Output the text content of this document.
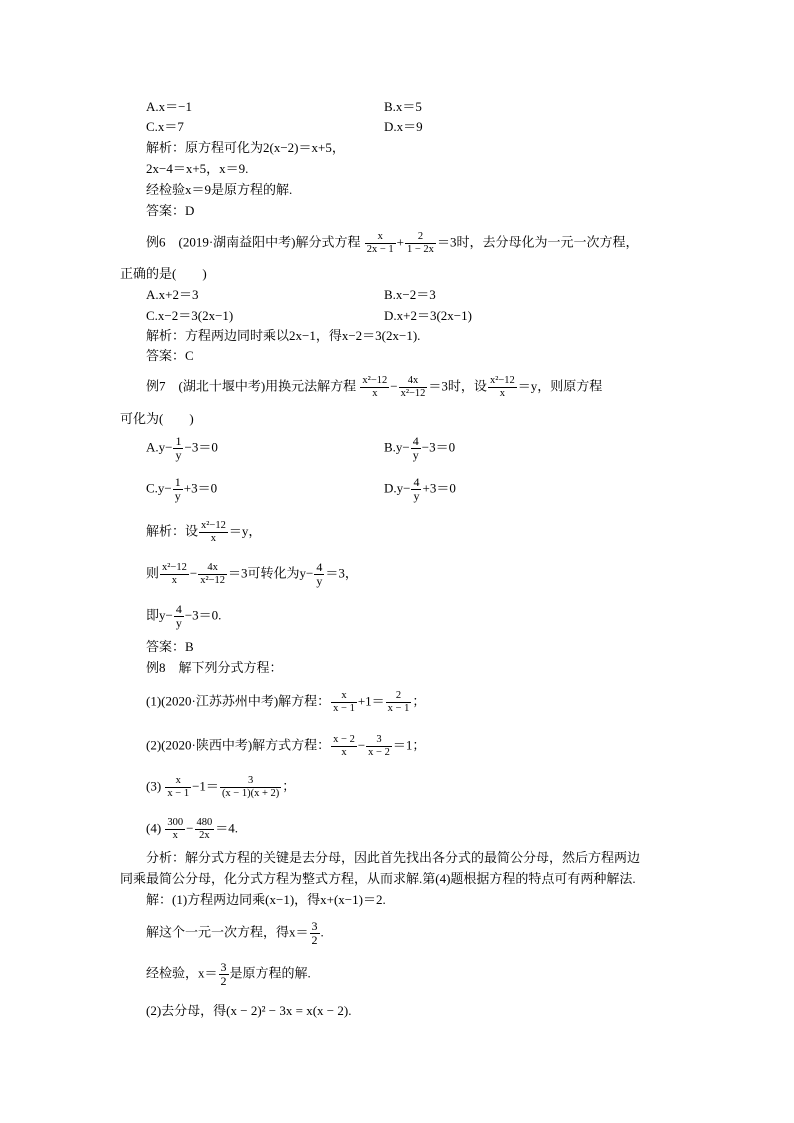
A.x＝−1	B.x＝5
C.x＝7	D.x＝9
解析：原方程可化为2(x−2)＝x+5，
2x−4＝x+5，x＝9.
经检验x＝9是原方程的解.
答案：D
例6　(2019·湖南益阳中考)解分式方程 $\frac{x}{2x - 1} + \frac{2}{1 - 2x} =3$时，去分母化为一元一次方程，
正确的是(　　)
A.x+2＝3	B.x−2＝3
C.x−2＝3(2x−1)	D.x+2＝3(2x−1)
解析：方程两边同时乘以2x−1，得x−2＝3(2x−1).
答案：C
例7　(湖北十堰中考)用换元法解方程 $\frac{\text{x²−12}}{x} - \frac{4x}{\text{x²−12}} =3$时，设 $\frac{\text{x²−12}}{x} =y$，则原方程
可化为(　　)
$A.y- \frac{1}{y} -3=0$	$B.y- \frac{4}{y} -3=0$
$C.y- \frac{1}{y} +3=0$	$D.y- \frac{4}{y} +3=0$
解析：设 $\frac{\text{x²−12}}{x} =y$，
则 $\frac{\text{x²−12}}{x} - \frac{4x}{\text{x²−12}} =3$可转化为$y- \frac{4}{y} =3$，
即$y- \frac{4}{y} -3=0$.
答案：B
例8　解下列分式方程：
(1)(2020·江苏苏州中考)解方程： $\frac{x}{x - 1} +1= \frac{2}{x - 1}$ ；
(2)(2020·陕西中考)解方式方程： $\frac{x - 2}{x} - \frac{3}{x - 2} =1$；
$(3) \frac{x}{x - 1} -1= \frac{3}{(x - 1)(x + 2)}$ ；
$(4) \frac{300}{x} - \frac{480}{2x} =4$.
分析：解分式方程的关键是去分母，因此首先找出各分式的最简公分母，然后方程两边
同乘最简公分母，化分式方程为整式方程，从而求解.第(4)题根据方程的特点可有两种解法.
解：(1)方程两边同乘(x−1)，得x+(x−1)＝2.
解这个一元一次方程，得$x= \frac{3}{2}$ .
经检验，$x= \frac{3}{2}$ 是原方程的解.
(2)去分母，得(x − 2)² − 3x = x(x − 2).
